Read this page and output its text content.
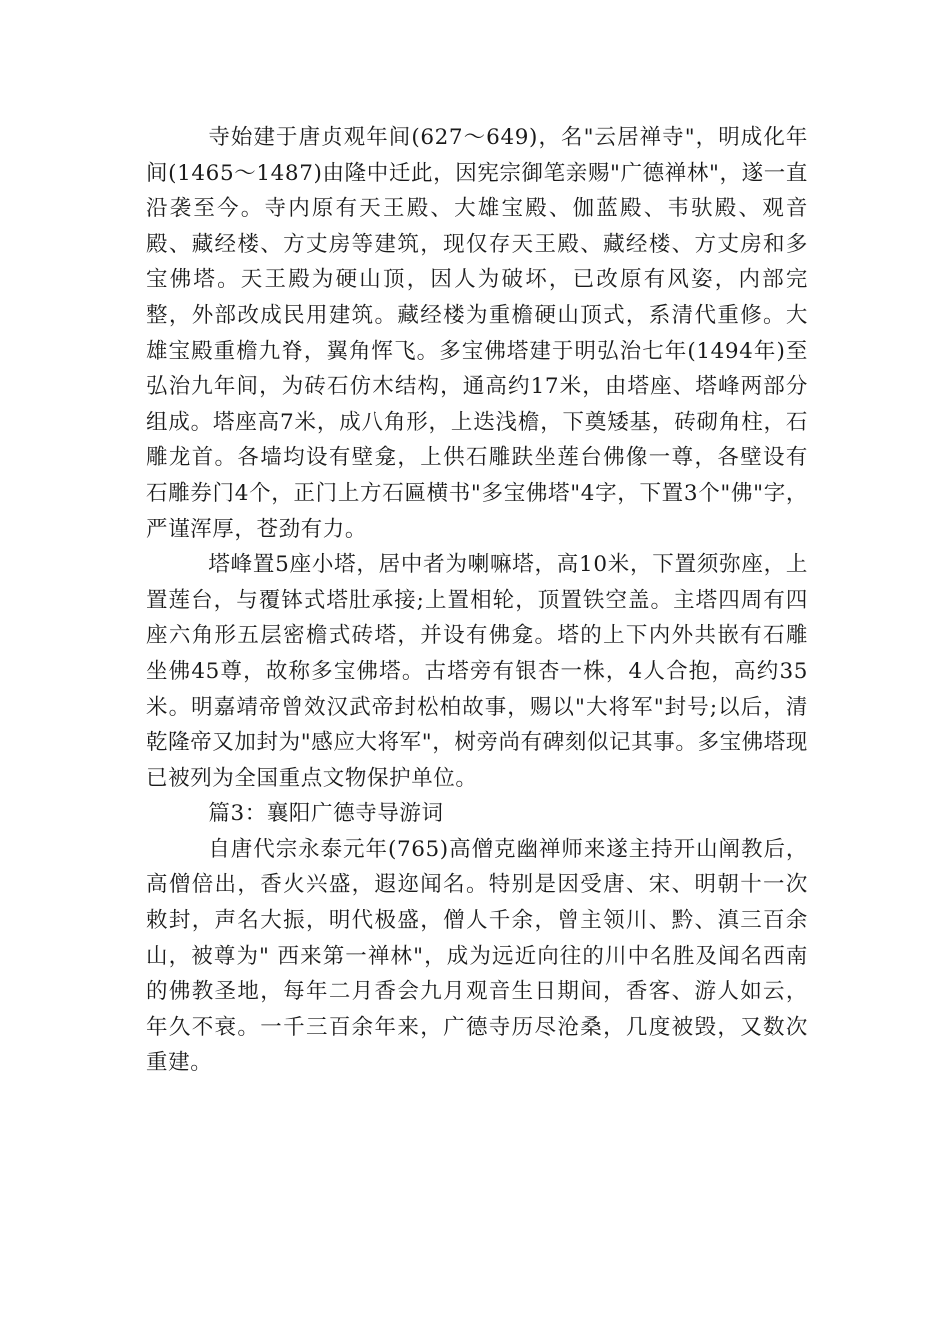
寺始建于唐贞观年间(627～649)，名"云居禅寺"，明成化年间(1465～1487)由隆中迁此，因宪宗御笔亲赐"广德禅林"，遂一直沿袭至今。寺内原有天王殿、大雄宝殿、伽蓝殿、韦驮殿、观音殿、藏经楼、方丈房等建筑，现仅存天王殿、藏经楼、方丈房和多宝佛塔。天王殿为硬山顶，因人为破坏，已改原有风姿，内部完整，外部改成民用建筑。藏经楼为重檐硬山顶式，系清代重修。大雄宝殿重檐九脊，翼角恽飞。多宝佛塔建于明弘治七年(1494年)至弘治九年间，为砖石仿木结构，通高约17米，由塔座、塔峰两部分组成。塔座高7米，成八角形，上迭浅檐，下奠矮基，砖砌角柱，石雕龙首。各墙均设有壁龛，上供石雕趺坐莲台佛像一尊，各壁设有石雕券门4个，正门上方石匾横书"多宝佛塔"4字，下置3个"佛"字，严谨浑厚，苍劲有力。

塔峰置5座小塔，居中者为喇嘛塔，高10米，下置须弥座，上置莲台，与覆钵式塔肚承接;上置相轮，顶置铁空盖。主塔四周有四座六角形五层密檐式砖塔，并设有佛龛。塔的上下内外共嵌有石雕坐佛45尊，故称多宝佛塔。古塔旁有银杏一株，4人合抱，高约35米。明嘉靖帝曾效汉武帝封松柏故事，赐以"大将军"封号;以后，清乾隆帝又加封为"感应大将军"，树旁尚有碑刻似记其事。多宝佛塔现已被列为全国重点文物保护单位。

篇3：襄阳广德寺导游词

自唐代宗永泰元年(765)高僧克幽禅师来遂主持开山阐教后，高僧倍出，香火兴盛，遐迩闻名。特别是因受唐、宋、明朝十一次敕封，声名大振，明代极盛，僧人千余，曾主领川、黔、滇三百余山，被尊为" 西来第一禅林"，成为远近向往的川中名胜及闻名西南的佛教圣地，每年二月香会九月观音生日期间，香客、游人如云，年久不衰。一千三百余年来，广德寺历尽沧桑，几度被毁，又数次重建。
